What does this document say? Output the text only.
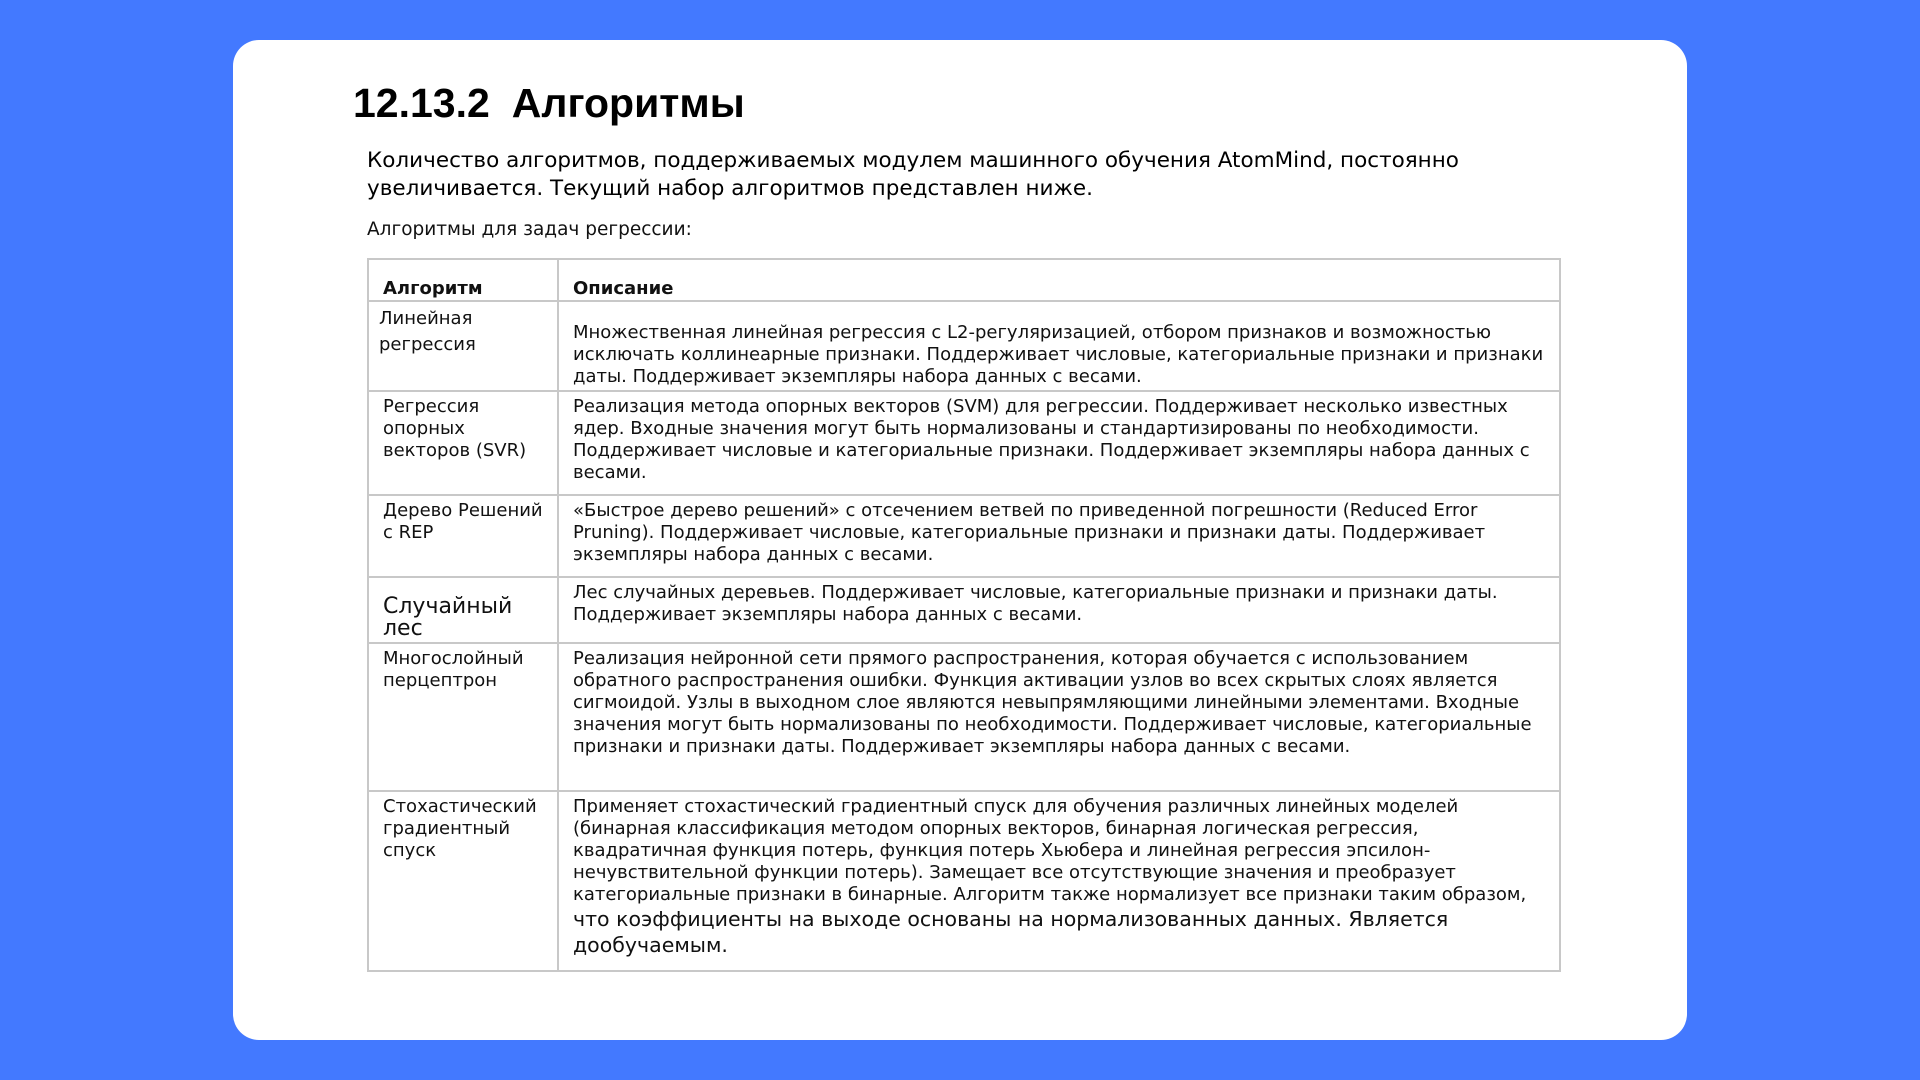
12.13.2 Алгоритмы

Количество алгоритмов, поддерживаемых модулем машинного обучения AtomMind, постоянно увеличивается. Текущий набор алгоритмов представлен ниже.

Алгоритмы для задач регрессии:

Алгоритм	Описание
Линейная регрессия	Множественная линейная регрессия с L2-регуляризацией, отбором признаков и возможностью исключать коллинеарные признаки. Поддерживает числовые, категориальные признаки и признаки даты. Поддерживает экземпляры набора данных с весами.
Регрессия опорных векторов (SVR)	Реализация метода опорных векторов (SVM) для регрессии. Поддерживает несколько известных ядер. Входные значения могут быть нормализованы и стандартизированы по необходимости. Поддерживает числовые и категориальные признаки. Поддерживает экземпляры набора данных с весами.
Дерево Решений с REP	«Быстрое дерево решений» с отсечением ветвей по приведенной погрешности (Reduced Error Pruning). Поддерживает числовые, категориальные признаки и признаки даты. Поддерживает экземпляры набора данных с весами.
Случайный лес	Лес случайных деревьев. Поддерживает числовые, категориальные признаки и признаки даты. Поддерживает экземпляры набора данных с весами.
Многослойный перцептрон	Реализация нейронной сети прямого распространения, которая обучается с использованием обратного распространения ошибки. Функция активации узлов во всех скрытых слоях является сигмоидой. Узлы в выходном слое являются невыпрямляющими линейными элементами. Входные значения могут быть нормализованы по необходимости. Поддерживает числовые, категориальные признаки и признаки даты. Поддерживает экземпляры набора данных с весами.
Стохастический градиентный спуск	Применяет стохастический градиентный спуск для обучения различных линейных моделей (бинарная классификация методом опорных векторов, бинарная логическая регрессия, квадратичная функция потерь, функция потерь Хьюбера и линейная регрессия эпсилон-нечувствительной функции потерь). Замещает все отсутствующие значения и преобразует категориальные признаки в бинарные. Алгоритм также нормализует все признаки таким образом, что коэффициенты на выходе основаны на нормализованных данных. Является дообучаемым.
